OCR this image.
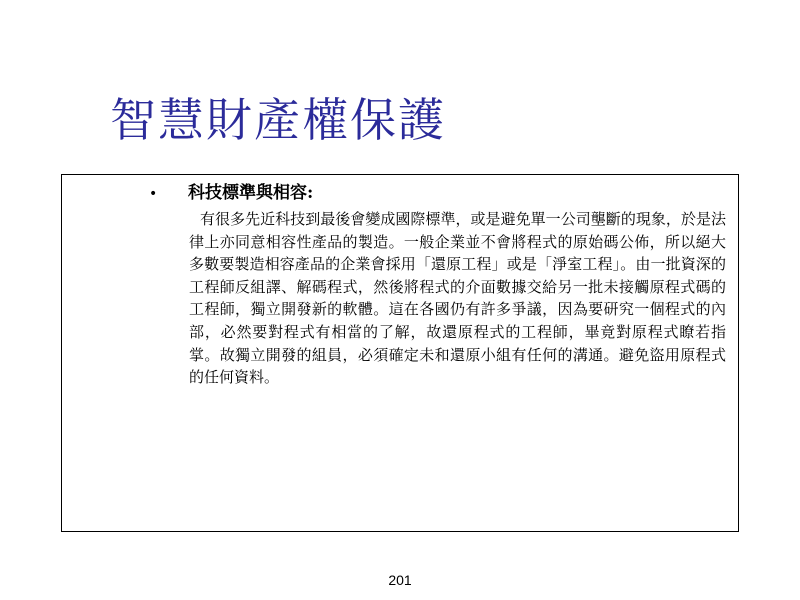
智慧財產權保護
• 科技標準與相容:
有很多先近科技到最後會變成國際標準，或是避免單一公司壟斷的現象，於是法律上亦同意相容性產品的製造。一般企業並不會將程式的原始碼公佈，所以絕大多數要製造相容產品的企業會採用「還原工程」或是「淨室工程」。由一批資深的工程師反組譯、解碼程式，然後將程式的介面數據交給另一批未接觸原程式碼的工程師，獨立開發新的軟體。這在各國仍有許多爭議，因為要研究一個程式的內部，必然要對程式有相當的了解，故還原程式的工程師，畢竟對原程式瞭若指掌。故獨立開發的組員，必須確定未和還原小組有任何的溝通。避免盜用原程式的任何資料。
201
